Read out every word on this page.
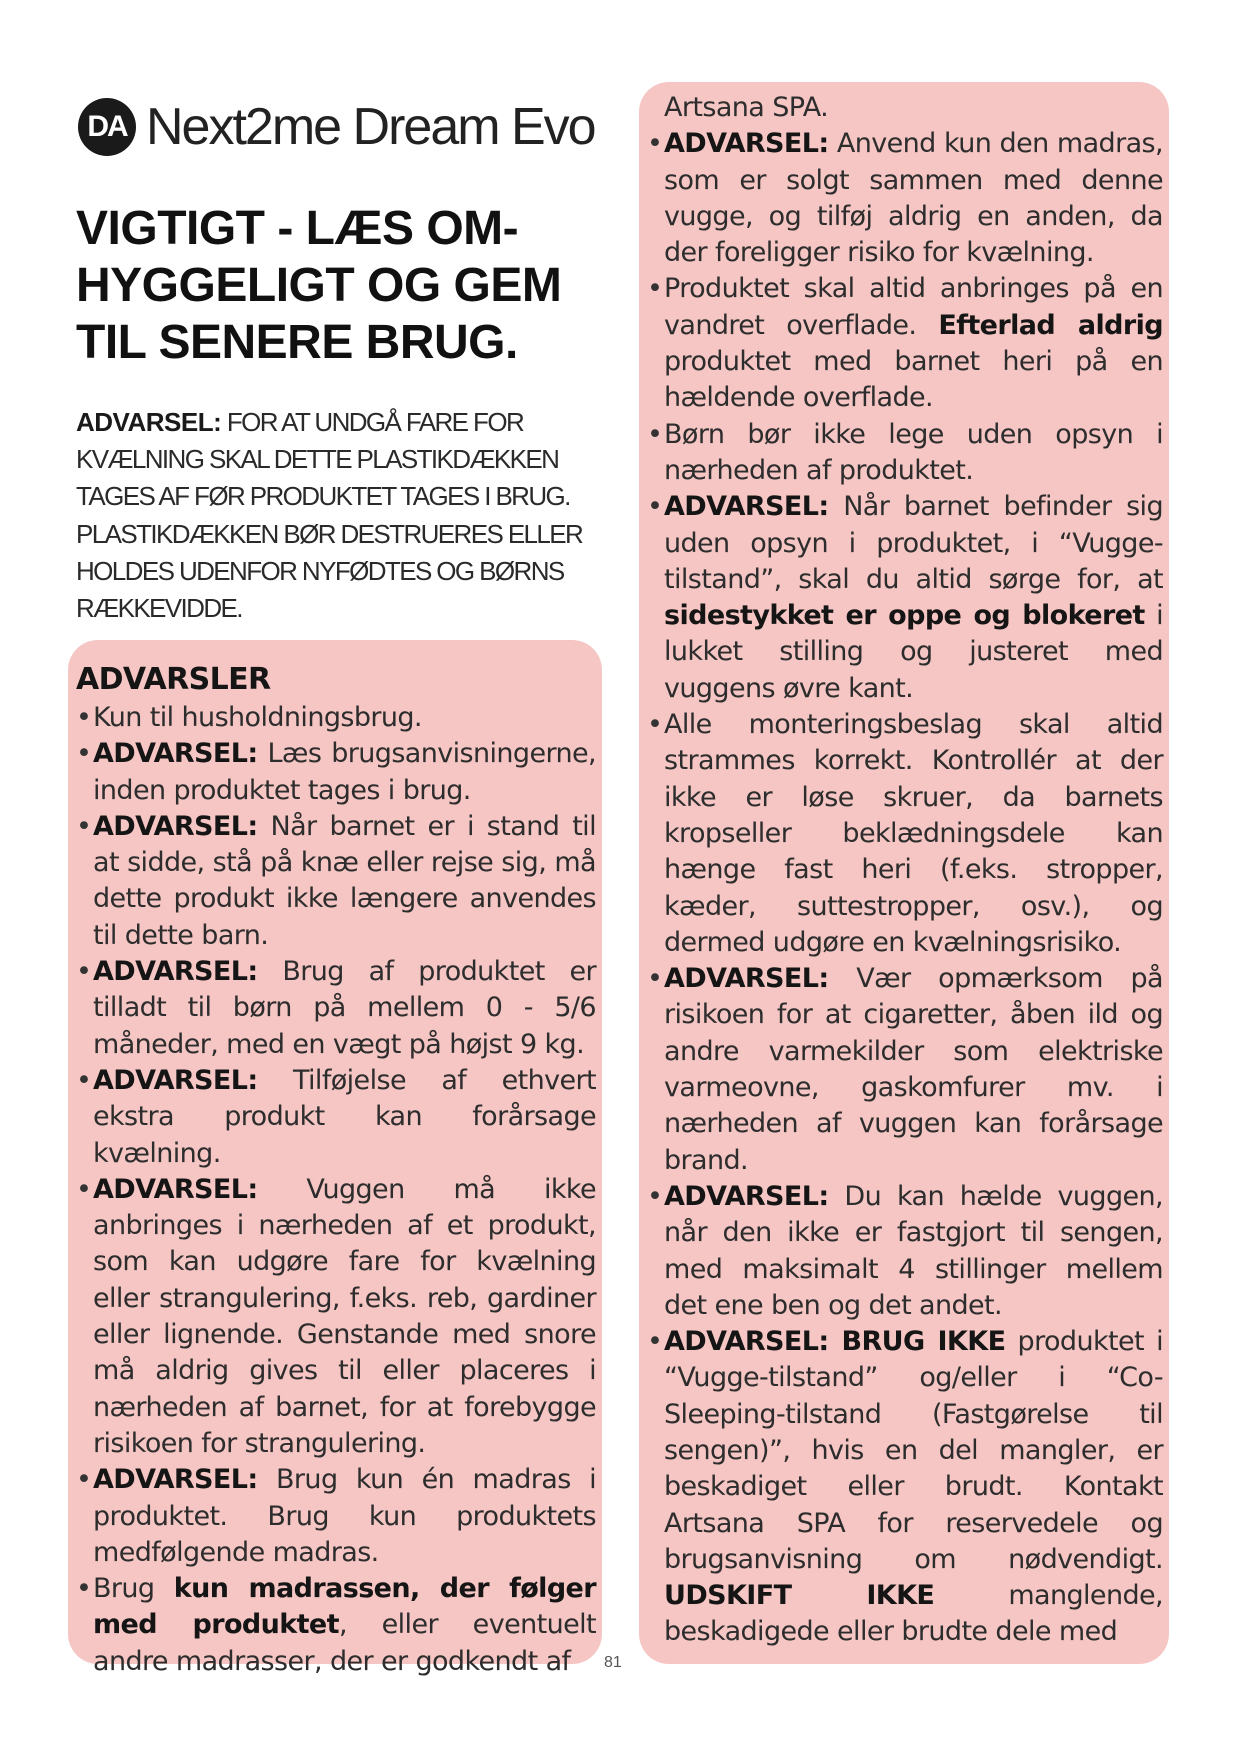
DA Next2me Dream Evo
VIGTIGT - LÆS OM-
HYGGELIGT OG GEM
TIL SENERE BRUG.
ADVARSEL: FOR AT UNDGÅ FARE FOR KVÆLNING SKAL DETTE PLASTIKDÆKKEN TAGES AF FØR PRODUKTET TAGES I BRUG. PLASTIKDÆKKEN BØR DESTRUERES ELLER HOLDES UDENFOR NYFØDTES OG BØRNS RÆKKEVIDDE.

ADVARSLER

• Kun til husholdningsbrug.

• ADVARSEL: Læs brugsanvisningerne, inden produktet tages i brug.

• ADVARSEL: Når barnet er i stand til at sidde, stå på knæ eller rejse sig, må dette produkt ikke længere anvendes til dette barn.

• ADVARSEL: Brug af produktet er tilladt til børn på mellem 0 - 5/6 måneder, med en vægt på højst 9 kg.

• ADVARSEL: Tilføjelse af ethvert ekstra produkt kan forårsage kvælning.

• ADVARSEL: Vuggen må ikke anbringes i nærheden af et produkt, som kan udgøre fare for kvælning eller strangulering, f.eks. reb, gardiner eller lignende. Genstande med snore må aldrig gives til eller placeres i nærheden af barnet, for at forebygge risikoen for strangulering.

• ADVARSEL: Brug kun én madras i produktet. Brug kun produktets medfølgende madras.

• Brug kun madrassen, der følger med produktet, eller eventuelt andre madrasser, der er godkendt af

Artsana SPA.

• ADVARSEL: Anvend kun den madras, som er solgt sammen med denne vugge, og tilføj aldrig en anden, da der foreligger risiko for kvælning.

• Produktet skal altid anbringes på en vandret overflade. Efterlad aldrig produktet med barnet heri på en hældende overflade.

• Børn bør ikke lege uden opsyn i nærheden af produktet.

• ADVARSEL: Når barnet befinder sig uden opsyn i produktet, i “Vugge-tilstand”, skal du altid sørge for, at sidestykket er oppe og blokeret i lukket stilling og justeret med vuggens øvre kant.

• Alle monteringsbeslag skal altid strammes korrekt. Kontrollér at der ikke er løse skruer, da barnets kropseller beklædningsdele kan hænge fast heri (f.eks. stropper, kæder, suttestropper, osv.), og dermed udgøre en kvælningsrisiko.

• ADVARSEL: Vær opmærksom på risikoen for at cigaretter, åben ild og andre varmekilder som elektriske varmeovne, gaskomfurer mv. i nærheden af vuggen kan forårsage brand.

• ADVARSEL: Du kan hælde vuggen, når den ikke er fastgjort til sengen, med maksimalt 4 stillinger mellem det ene ben og det andet.

• ADVARSEL: BRUG IKKE produktet i “Vugge-tilstand” og/eller i “Co-Sleeping-tilstand (Fastgørelse til sengen)”, hvis en del mangler, er beskadiget eller brudt. Kontakt Artsana SPA for reservedele og brugsanvisning om nødvendigt. UDSKIFT IKKE manglende, beskadigede eller brudte dele med

81
